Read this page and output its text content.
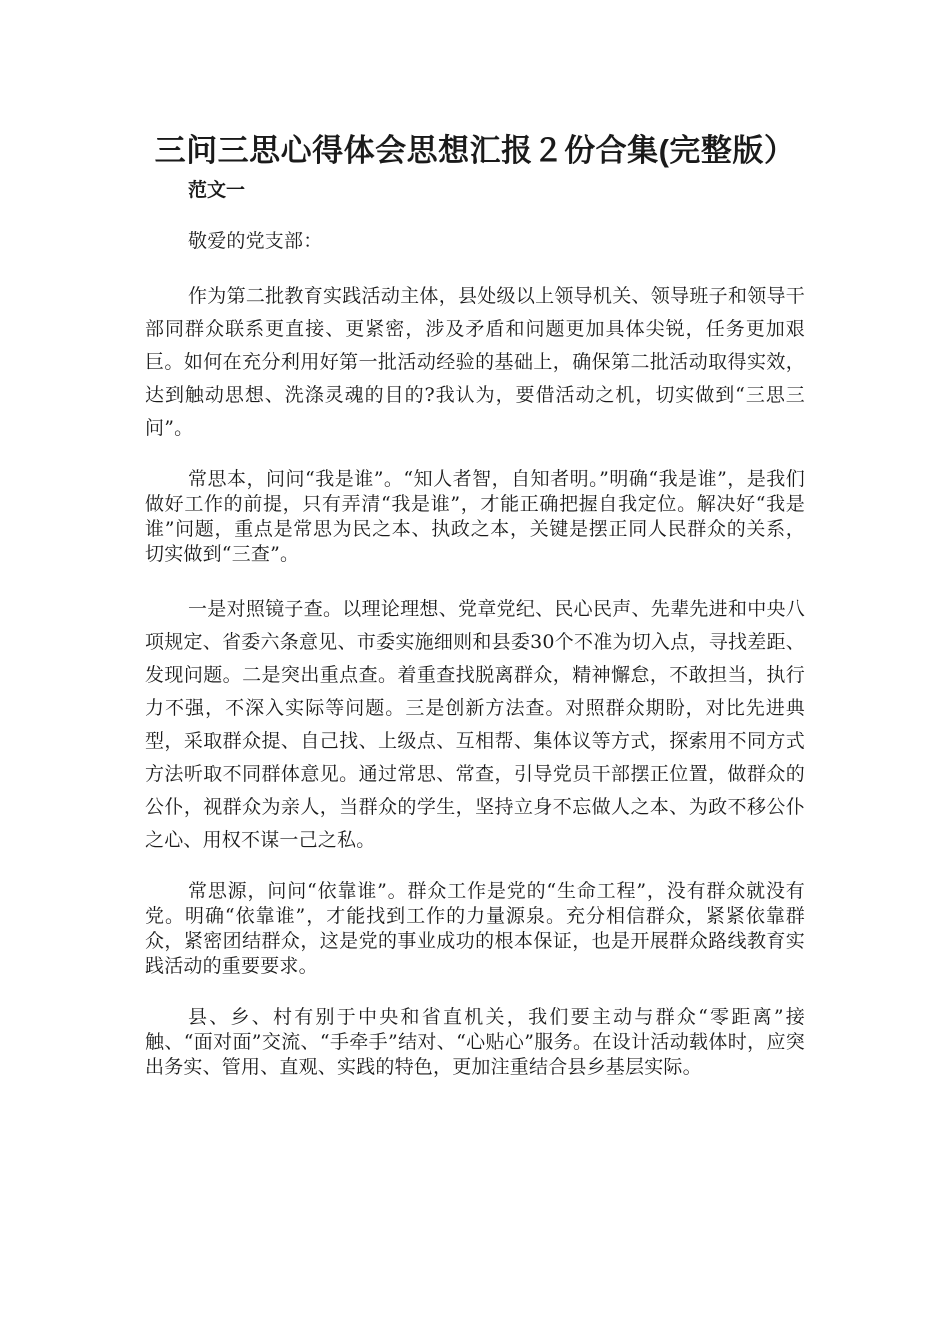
三问三思心得体会思想汇报２份合集(完整版）
范文一

敬爱的党支部：

作为第二批教育实践活动主体，县处级以上领导机关、领导班子和领导干部同群众联系更直接、更紧密，涉及矛盾和问题更加具体尖锐，任务更加艰巨。如何在充分利用好第一批活动经验的基础上，确保第二批活动取得实效，达到触动思想、洗涤灵魂的目的?我认为，要借活动之机，切实做到“三思三问”。

常思本，问问“我是谁”。“知人者智，自知者明。”明确“我是谁”，是我们做好工作的前提，只有弄清“我是谁”，才能正确把握自我定位。解决好“我是谁”问题，重点是常思为民之本、执政之本，关键是摆正同人民群众的关系，切实做到“三查”。

一是对照镜子查。以理论理想、党章党纪、民心民声、先辈先进和中央八项规定、省委六条意见、市委实施细则和县委30个不准为切入点，寻找差距、发现问题。二是突出重点查。着重查找脱离群众，精神懈怠，不敢担当，执行力不强，不深入实际等问题。三是创新方法查。对照群众期盼，对比先进典型，采取群众提、自己找、上级点、互相帮、集体议等方式，探索用不同方式方法听取不同群体意见。通过常思、常查，引导党员干部摆正位置，做群众的公仆，视群众为亲人，当群众的学生，坚持立身不忘做人之本、为政不移公仆之心、用权不谋一己之私。

常思源，问问“依靠谁”。群众工作是党的“生命工程”，没有群众就没有党。明确“依靠谁”，才能找到工作的力量源泉。充分相信群众，紧紧依靠群众，紧密团结群众，这是党的事业成功的根本保证，也是开展群众路线教育实践活动的重要要求。

县、乡、村有别于中央和省直机关，我们要主动与群众“零距离”接触、“面对面”交流、“手牵手”结对、“心贴心”服务。在设计活动载体时，应突出务实、管用、直观、实践的特色，更加注重结合县乡基层实际。
